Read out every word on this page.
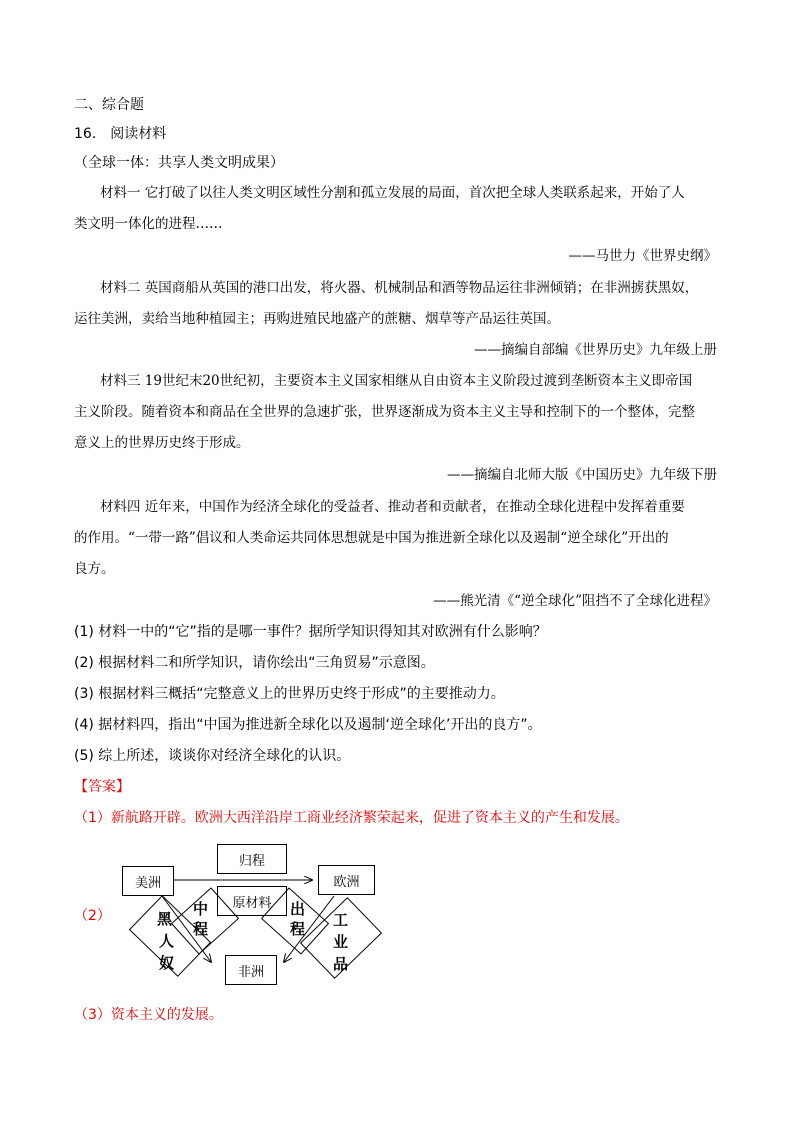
二、综合题
16． 阅读材料
（全球一体：共享人类文明成果）
材料一 它打破了以往人类文明区域性分割和孤立发展的局面，首次把全球人类联系起来，开始了人
类文明一体化的进程……
——马世力《世界史纲》
材料二 英国商船从英国的港口出发，将火器、机械制品和酒等物品运往非洲倾销；在非洲掳获黑奴，
运往美洲，卖给当地种植园主；再购进殖民地盛产的蔗糖、烟草等产品运往英国。
——摘编自部编《世界历史》九年级上册
材料三 19世纪末20世纪初，主要资本主义国家相继从自由资本主义阶段过渡到垄断资本主义即帝国
主义阶段。随着资本和商品在全世界的急速扩张，世界逐渐成为资本主义主导和控制下的一个整体，完整
意义上的世界历史终于形成。
——摘编自北师大版《中国历史》九年级下册
材料四 近年来，中国作为经济全球化的受益者、推动者和贡献者，在推动全球化进程中发挥着重要
的作用。“一带一路”倡议和人类命运共同体思想就是中国为推进新全球化以及遏制“逆全球化”开出的
良方。
——熊光清《“逆全球化”阻挡不了全球化进程》
(1) 材料一中的“它”指的是哪一事件？据所学知识得知其对欧洲有什么影响？
(2) 根据材料二和所学知识，请你绘出“三角贸易”示意图。
(3) 根据材料三概括“完整意义上的世界历史终于形成”的主要推动力。
(4) 据材料四，指出“中国为推进新全球化以及遏制‘逆全球化’开出的良方”。
(5) 综上所述，谈谈你对经济全球化的认识。
【答案】
（1）新航路开辟。欧洲大西洋沿岸工商业经济繁荣起来，促进了资本主义的产生和发展。
（2）
美洲	欧洲
非洲
归程
原材料
黑
人
奴
中
程
出
程 工
业
品
（3）资本主义的发展。
